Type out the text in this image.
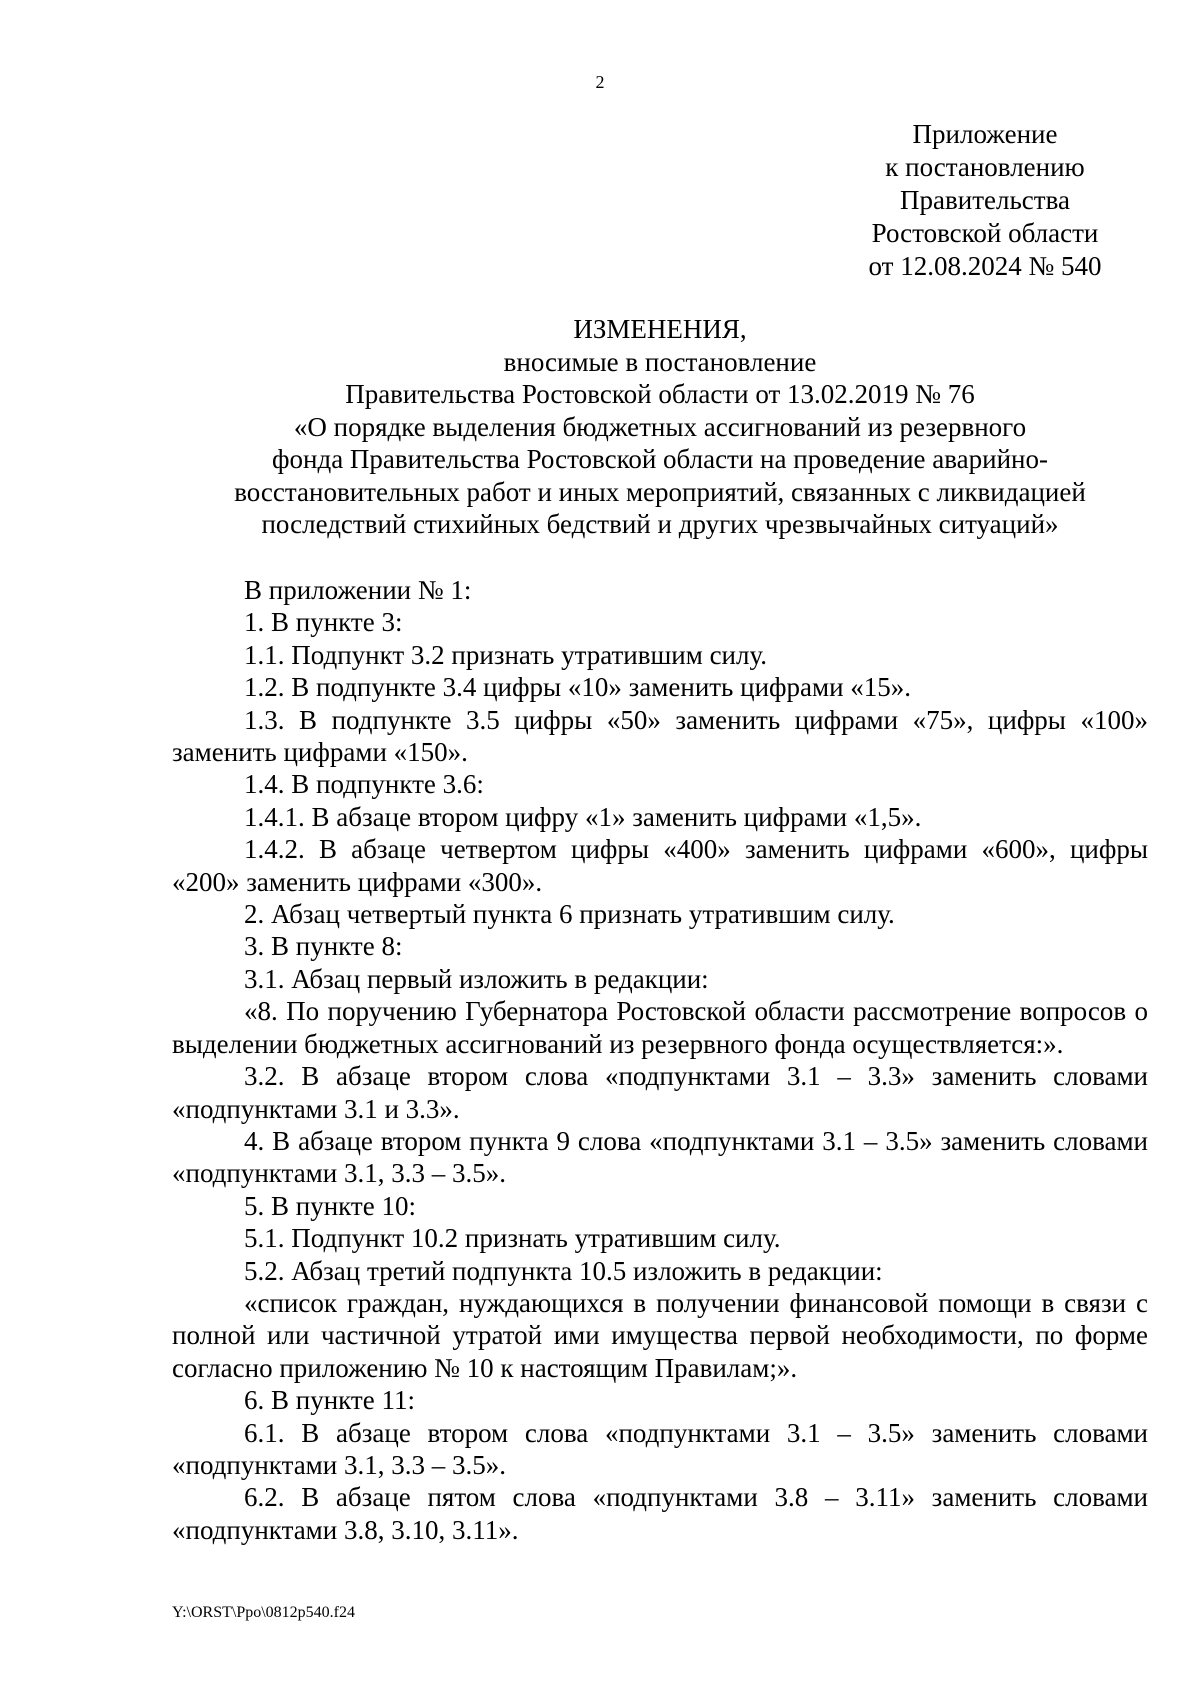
2
Приложение
к постановлению
Правительства
Ростовской области
от 12.08.2024 № 540
ИЗМЕНЕНИЯ,
вносимые в постановление
Правительства Ростовской области от 13.02.2019 № 76
«О порядке выделения бюджетных ассигнований из резервного
фонда Правительства Ростовской области на проведение аварийно-
восстановительных работ и иных мероприятий, связанных с ликвидацией
последствий стихийных бедствий и других чрезвычайных ситуаций»

В приложении № 1:

1. В пункте 3:

1.1. Подпункт 3.2 признать утратившим силу.

1.2. В подпункте 3.4 цифры «10» заменить цифрами «15».

1.3. В подпункте 3.5 цифры «50» заменить цифрами «75», цифры «100» заменить цифрами «150».

1.4. В подпункте 3.6:

1.4.1. В абзаце втором цифру «1» заменить цифрами «1,5».

1.4.2. В абзаце четвертом цифры «400» заменить цифрами «600», цифры «200» заменить цифрами «300».

2. Абзац четвертый пункта 6 признать утратившим силу.

3. В пункте 8:

3.1. Абзац первый изложить в редакции:

«8. По поручению Губернатора Ростовской области рассмотрение вопросов о выделении бюджетных ассигнований из резервного фонда осуществляется:».

3.2. В абзаце втором слова «подпунктами 3.1 – 3.3» заменить словами «подпунктами 3.1 и 3.3».

4. В абзаце втором пункта 9 слова «подпунктами 3.1 – 3.5» заменить словами «подпунктами 3.1, 3.3 – 3.5».

5. В пункте 10:

5.1. Подпункт 10.2 признать утратившим силу.

5.2. Абзац третий подпункта 10.5 изложить в редакции:

«список граждан, нуждающихся в получении финансовой помощи в связи с полной или частичной утратой ими имущества первой необходимости, по форме согласно приложению № 10 к настоящим Правилам;».

6. В пункте 11:

6.1. В абзаце втором слова «подпунктами 3.1 – 3.5» заменить словами «подпунктами 3.1, 3.3 – 3.5».

6.2. В абзаце пятом слова «подпунктами 3.8 – 3.11» заменить словами «подпунктами 3.8, 3.10, 3.11».

Y:\ORST\Ppo\0812p540.f24
